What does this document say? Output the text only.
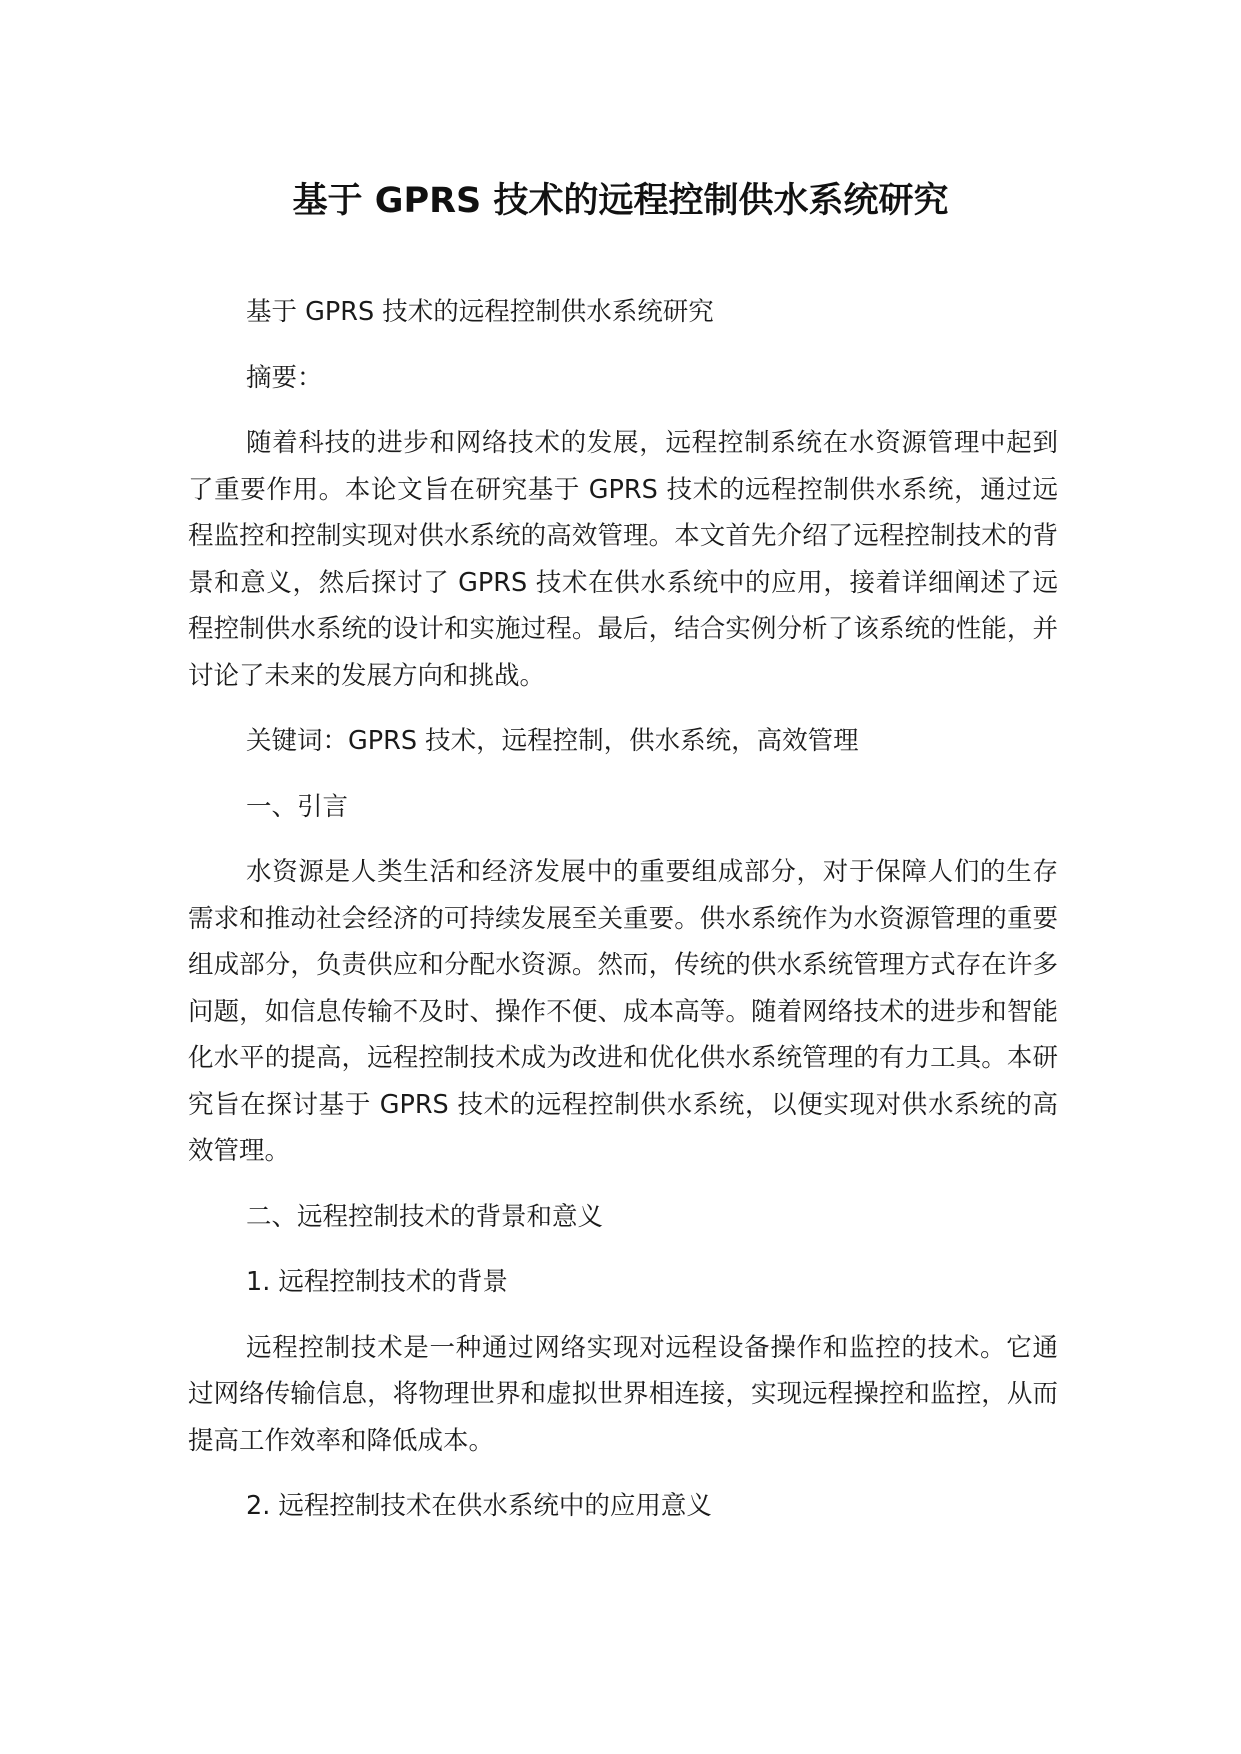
基于 GPRS 技术的远程控制供水系统研究

基于 GPRS 技术的远程控制供水系统研究

摘要：

随着科技的进步和网络技术的发展，远程控制系统在水资源管理中起到了重要作用。本论文旨在研究基于 GPRS 技术的远程控制供水系统，通过远程监控和控制实现对供水系统的高效管理。本文首先介绍了远程控制技术的背景和意义，然后探讨了 GPRS 技术在供水系统中的应用，接着详细阐述了远程控制供水系统的设计和实施过程。最后，结合实例分析了该系统的性能，并讨论了未来的发展方向和挑战。

关键词：GPRS 技术，远程控制，供水系统，高效管理

一、引言

水资源是人类生活和经济发展中的重要组成部分，对于保障人们的生存需求和推动社会经济的可持续发展至关重要。供水系统作为水资源管理的重要组成部分，负责供应和分配水资源。然而，传统的供水系统管理方式存在许多问题，如信息传输不及时、操作不便、成本高等。随着网络技术的进步和智能化水平的提高，远程控制技术成为改进和优化供水系统管理的有力工具。本研究旨在探讨基于 GPRS 技术的远程控制供水系统，以便实现对供水系统的高效管理。

二、远程控制技术的背景和意义

1. 远程控制技术的背景

远程控制技术是一种通过网络实现对远程设备操作和监控的技术。它通过网络传输信息，将物理世界和虚拟世界相连接，实现远程操控和监控，从而提高工作效率和降低成本。

2. 远程控制技术在供水系统中的应用意义
